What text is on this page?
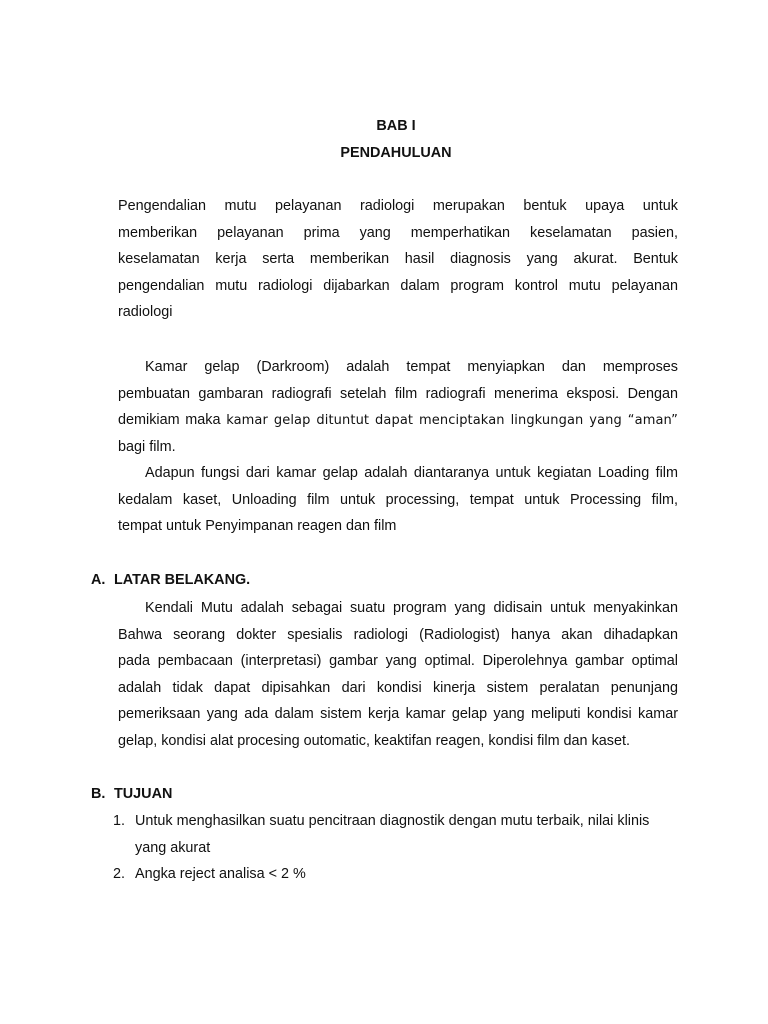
BAB I
PENDAHULUAN
Pengendalian mutu pelayanan radiologi merupakan bentuk upaya untuk
memberikan pelayanan prima yang memperhatikan keselamatan pasien,
keselamatan kerja serta memberikan hasil diagnosis yang akurat. Bentuk
pengendalian mutu radiologi dijabarkan dalam program kontrol mutu pelayanan
radiologi
Kamar gelap (Darkroom) adalah tempat menyiapkan dan memproses
pembuatan gambaran radiografi setelah film radiografi menerima eksposi. Dengan
demikiam maka kamar gelap dituntut dapat menciptakan lingkungan yang “aman”
bagi film.
Adapun fungsi dari kamar gelap adalah diantaranya untuk kegiatan Loading film
kedalam kaset, Unloading film untuk processing, tempat untuk Processing film,
tempat untuk Penyimpanan reagen dan film
A. LATAR BELAKANG.
Kendali Mutu adalah sebagai suatu program yang didisain untuk menyakinkan
Bahwa seorang dokter spesialis radiologi (Radiologist) hanya akan dihadapkan
pada pembacaan (interpretasi) gambar yang optimal. Diperolehnya gambar optimal
adalah tidak dapat dipisahkan dari kondisi kinerja sistem peralatan penunjang
pemeriksaan yang ada dalam sistem kerja kamar gelap yang meliputi kondisi kamar
gelap, kondisi alat procesing outomatic, keaktifan reagen, kondisi film dan kaset.
B. TUJUAN
1. Untuk menghasilkan suatu pencitraan diagnostik dengan mutu terbaik, nilai klinis
yang akurat
2. Angka reject analisa < 2 %
